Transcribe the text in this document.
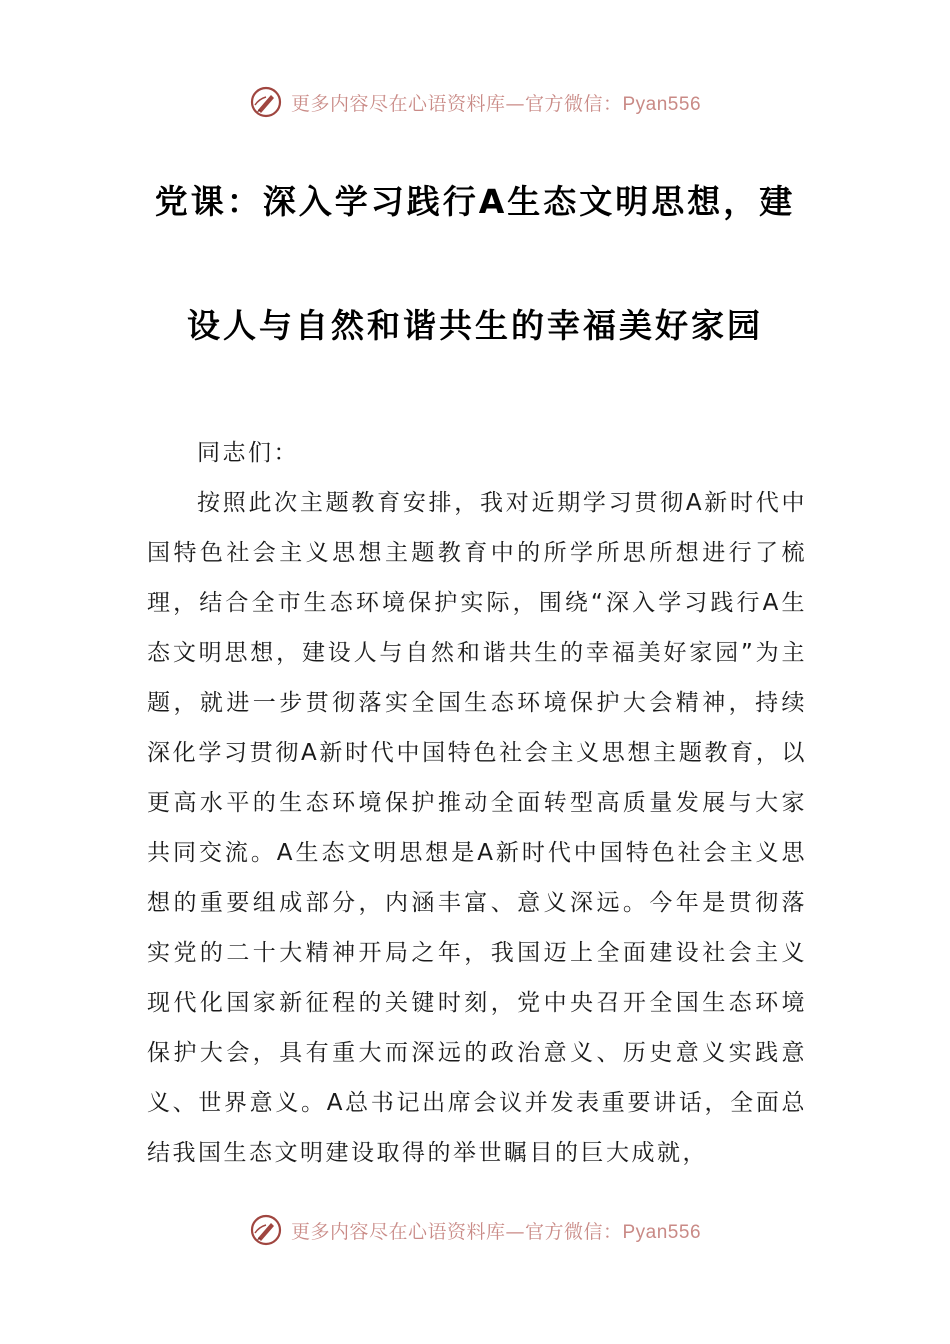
更多内容尽在心语资料库—官方微信：Pyan556
党课：深入学习践行A生态文明思想，建
设人与自然和谐共生的幸福美好家园

同志们：

按照此次主题教育安排，我对近期学习贯彻A新时代中国特色社会主义思想主题教育中的所学所思所想进行了梳理，结合全市生态环境保护实际，围绕“深入学习践行A生态文明思想，建设人与自然和谐共生的幸福美好家园”为主题，就进一步贯彻落实全国生态环境保护大会精神，持续深化学习贯彻A新时代中国特色社会主义思想主题教育，以更高水平的生态环境保护推动全面转型高质量发展与大家共同交流。A生态文明思想是A新时代中国特色社会主义思想的重要组成部分，内涵丰富、意义深远。今年是贯彻落实党的二十大精神开局之年，我国迈上全面建设社会主义现代化国家新征程的关键时刻，党中央召开全国生态环境保护大会，具有重大而深远的政治意义、历史意义实践意义、世界意义。A总书记出席会议并发表重要讲话，全面总结我国生态文明建设取得的举世瞩目的巨大成就，

更多内容尽在心语资料库—官方微信：Pyan556
